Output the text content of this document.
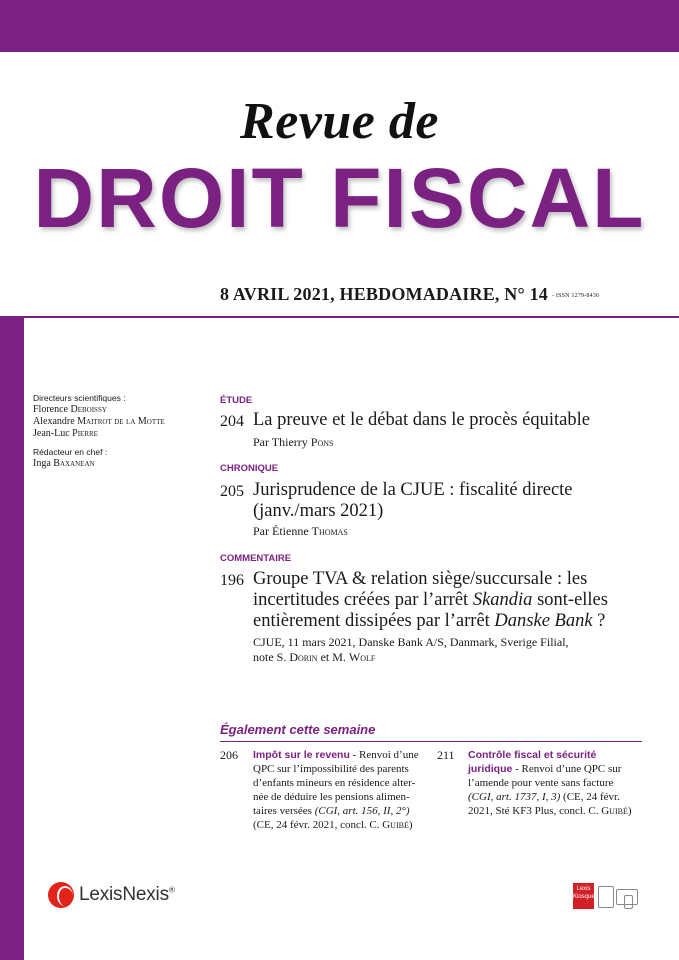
Revue de
DROIT FISCAL
8 AVRIL 2021, HEBDOMADAIRE, N° 14 - ISSN 1279-8436
Directeurs scientifiques :
Florence Deboissy
Alexandre Maitrot de la Motte
Jean-Luc Pierre
Rédacteur en chef :
Inga Baxanean
ÉTUDE
204 La preuve et le débat dans le procès équitable
Par Thierry Pons
CHRONIQUE
205 Jurisprudence de la CJUE : fiscalité directe
(janv./mars 2021)
Par Étienne Thomas
COMMENTAIRE
196 Groupe TVA & relation siège/succursale : les incertitudes créées par l’arrêt Skandia sont-elles entièrement dissipées par l’arrêt Danske Bank ?
CJUE, 11 mars 2021, Danske Bank A/S, Danmark, Sverige Filial,
note S. Dorin et M. Wolf
Également cette semaine
206 Impôt sur le revenu - Renvoi d’une QPC sur l’impossibilité des parents d’enfants mineurs en résidence alter-née de déduire les pensions alimen-taires versées (CGI, art. 156, II, 2°) (CE, 24 févr. 2021, concl. C. Guibé)
211 Contrôle fiscal et sécurité juridique - Renvoi d’une QPC sur l’amende pour vente sans facture (CGI, art. 1737, I, 3) (CE, 24 févr. 2021, Sté KF3 Plus, concl. C. Guibé)
LexisNexis®	Lexis
Kiosque
